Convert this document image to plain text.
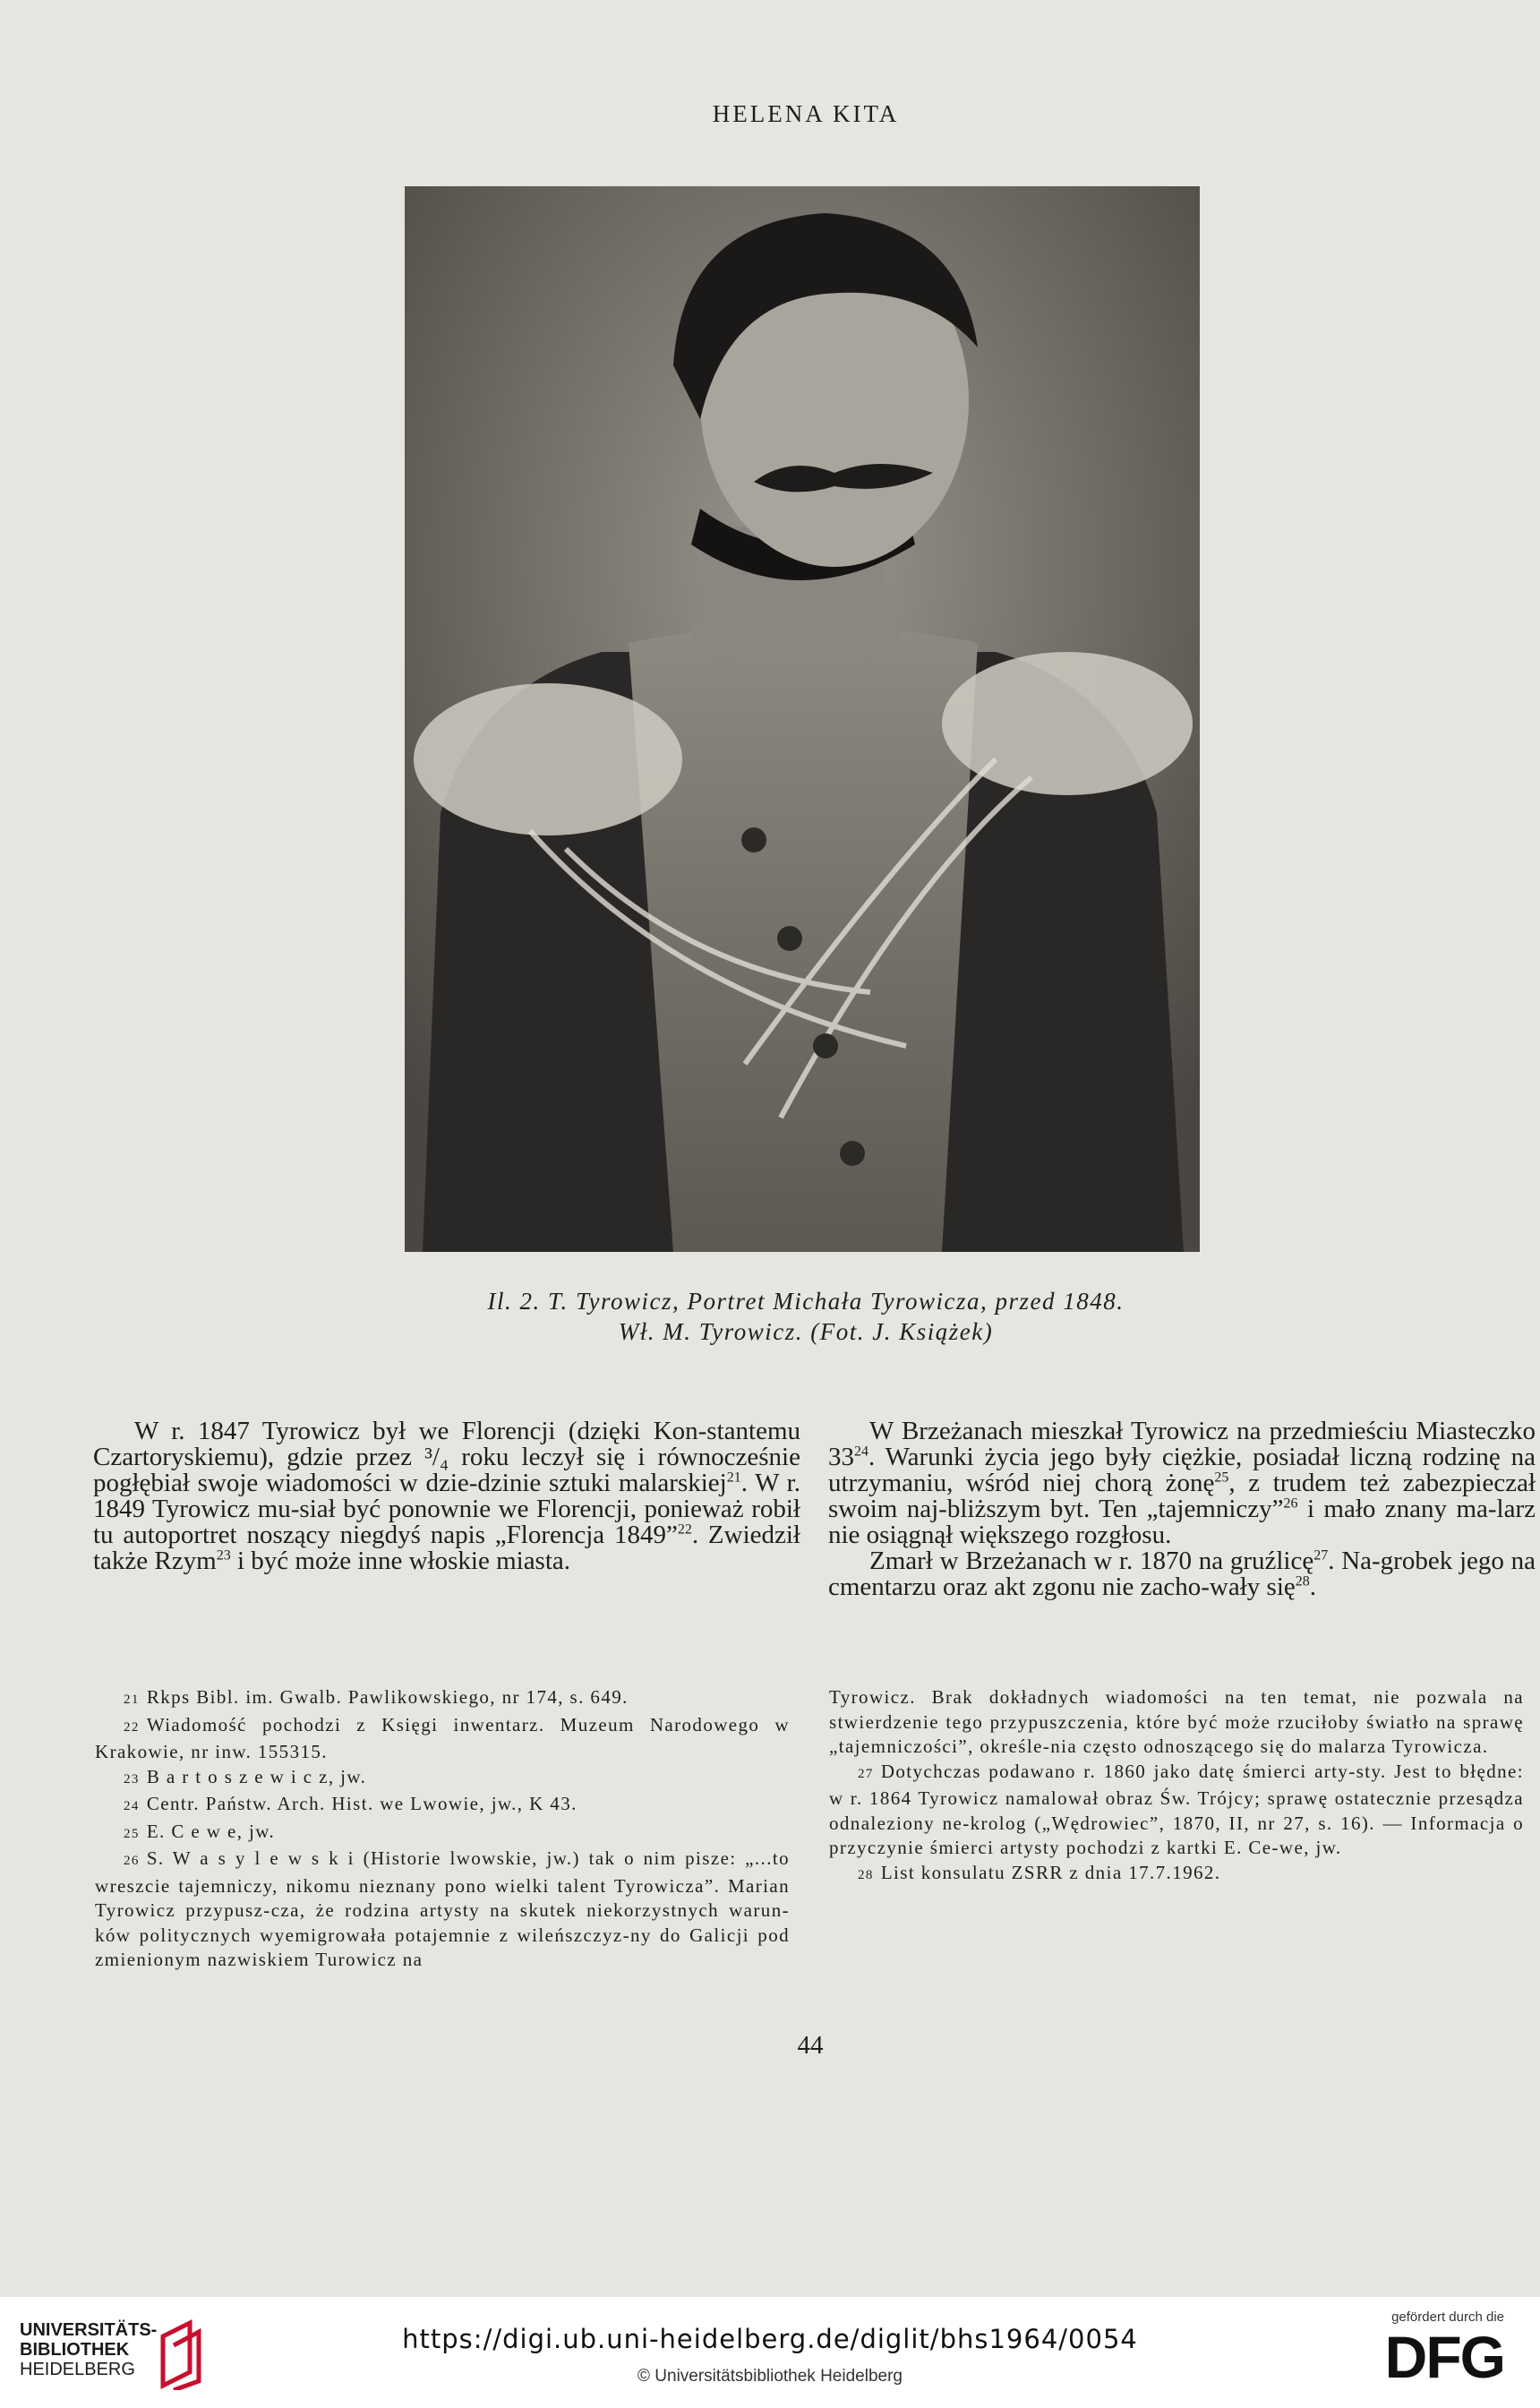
HELENA KITA
Il. 2. T. Tyrowicz, Portret Michała Tyrowicza, przed 1848.
Wł. M. Tyrowicz. (Fot. J. Książek)

W r. 1847 Tyrowicz był we Florencji (dzięki Kon-stantemu Czartoryskiemu), gdzie przez ³/₄ roku leczył się i równocześnie pogłębiał swoje wiadomości w dzie-dzinie sztuki malarskiej$^{21}$. W r. 1849 Tyrowicz mu-siał być ponownie we Florencji, ponieważ robił tu autoportret noszący niegdyś napis „Florencja 1849”$^{22}$. Zwiedził także Rzym$^{23}$ i być może inne włoskie miasta.

W Brzeżanach mieszkał Tyrowicz na przedmieściu Miasteczko $33^{24}$. Warunki życia jego były ciężkie, posiadał liczną rodzinę na utrzymaniu, wśród niej chorą żonę$^{25}$, z trudem też zabezpieczał swoim naj-bliższym byt. Ten „tajemniczy”$^{26}$ i mało znany ma-larz nie osiągnął większego rozgłosu.

Zmarł w Brzeżanach w r. 1870 na gruźlicę$^{27}$. Na-grobek jego na cmentarzu oraz akt zgonu nie zacho-wały się$^{28}$.

21 Rkps Bibl. im. Gwalb. Pawlikowskiego, nr 174, s. 649.

22 Wiadomość pochodzi z Księgi inwentarz. Muzeum Narodowego w Krakowie, nr inw. 155315.

23 B a r t o s z e w i c z, jw.

24 Centr. Państw. Arch. Hist. we Lwowie, jw., K 43.

25 E. C e w e, jw.

26 S. W a s y l e w s k i (Historie lwowskie, jw.) tak o nim pisze: „...to wreszcie tajemniczy, nikomu nieznany pono wielki talent Tyrowicza”. Marian Tyrowicz przypusz-cza, że rodzina artysty na skutek niekorzystnych warun-ków politycznych wyemigrowała potajemnie z wileńszczyz-ny do Galicji pod zmienionym nazwiskiem Turowicz na

Tyrowicz. Brak dokładnych wiadomości na ten temat, nie pozwala na stwierdzenie tego przypuszczenia, które być może rzuciłoby światło na sprawę „tajemniczości”, określe-nia często odnoszącego się do malarza Tyrowicza.

27 Dotychczas podawano r. 1860 jako datę śmierci arty-sty. Jest to błędne: w r. 1864 Tyrowicz namalował obraz Św. Trójcy; sprawę ostatecznie przesądza odnaleziony ne-krolog („Wędrowiec”, 1870, II, nr 27, s. 16). — Informacja o przyczynie śmierci artysty pochodzi z kartki E. Ce-we, jw.

28 List konsulatu ZSRR z dnia 17.7.1962.

44
UNIVERSITÄTS-
BIBLIOTHEK
HEIDELBERG
https://digi.ub.uni-heidelberg.de/diglit/bhs1964/0054
© Universitätsbibliothek Heidelberg
gefördert durch die
DFG
